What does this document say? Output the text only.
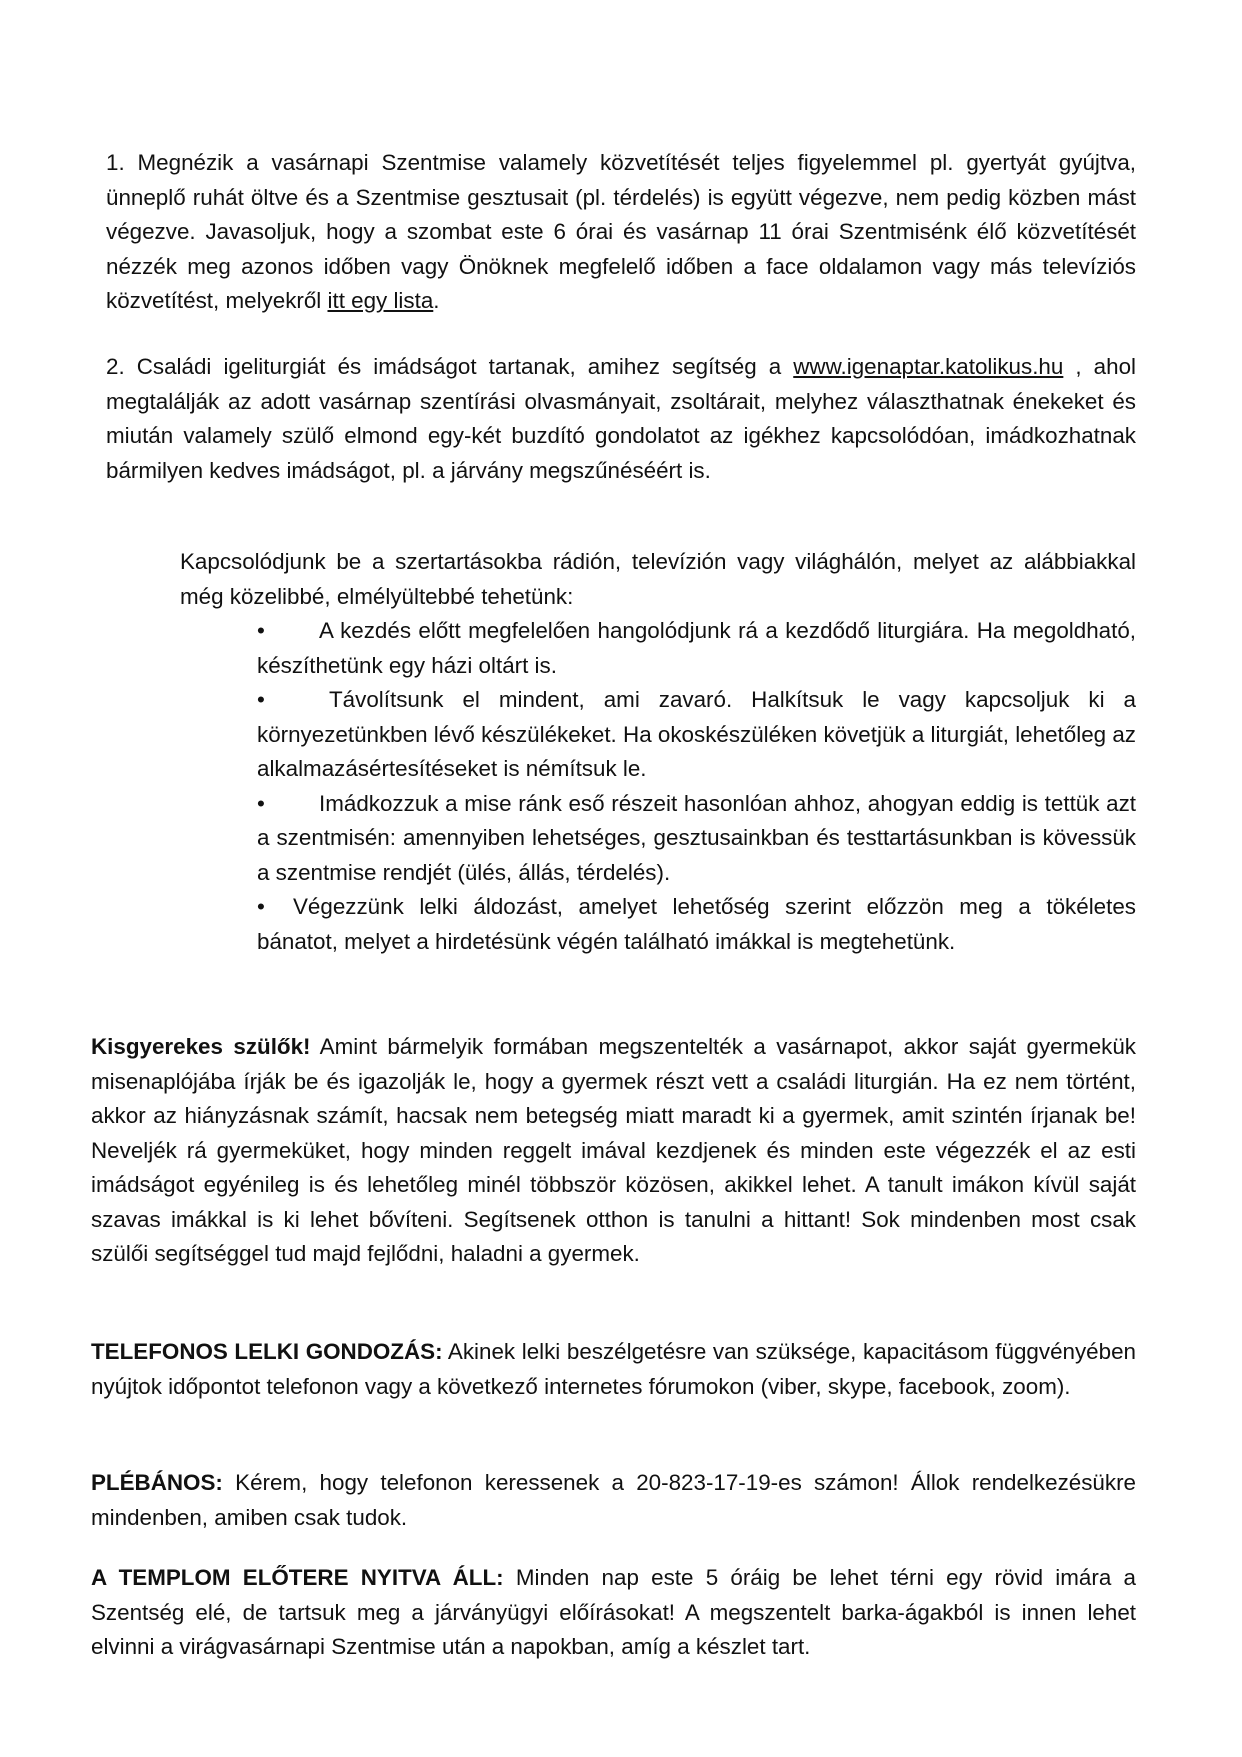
1. Megnézik a vasárnapi Szentmise valamely közvetítését teljes figyelemmel pl. gyertyát gyújtva, ünneplő ruhát öltve és a Szentmise gesztusait (pl. térdelés) is együtt végezve, nem pedig közben mást végezve. Javasoljuk, hogy a szombat este 6 órai és vasárnap 11 órai Szentmisénk élő közvetítését nézzék meg azonos időben vagy Önöknek megfelelő időben a face oldalamon vagy más televíziós közvetítést, melyekről itt egy lista.

2. Családi igeliturgiát és imádságot tartanak, amihez segítség a www.igenaptar.katolikus.hu , ahol megtalálják az adott vasárnap szentírási olvasmányait, zsoltárait, melyhez választhatnak énekeket és miután valamely szülő elmond egy-két buzdító gondolatot az igékhez kapcsolódóan, imádkozhatnak bármilyen kedves imádságot, pl. a járvány megszűnéséért is.

Kapcsolódjunk be a szertartásokba rádión, televízión vagy világhálón, melyet az alábbiakkal még közelibbé, elmélyültebbé tehetünk:

• A kezdés előtt megfelelően hangolódjunk rá a kezdődő liturgiára. Ha megoldható, készíthetünk egy házi oltárt is.
•	Távolítsunk el mindent, ami zavaró. Halkítsuk le vagy kapcsoljuk ki a környezetünkben lévő készülékeket. Ha okoskészüléken követjük a liturgiát, lehetőleg az alkalmazásértesítéseket is némítsuk le.
• Imádkozzuk a mise ránk eső részeit hasonlóan ahhoz, ahogyan eddig is tettük azt a szentmisén: amennyiben lehetséges, gesztusainkban és testtartásunkban is kövessük a szentmise rendjét (ülés, állás, térdelés).
• Végezzünk lelki áldozást, amelyet lehetőség szerint előzzön meg a tökéletes bánatot, melyet a hirdetésünk végén található imákkal is megtehetünk.

Kisgyerekes szülők! Amint bármelyik formában megszentelték a vasárnapot, akkor saját gyermekük misenaplójába írják be és igazolják le, hogy a gyermek részt vett a családi liturgián. Ha ez nem történt, akkor az hiányzásnak számít, hacsak nem betegség miatt maradt ki a gyermek, amit szintén írjanak be! Neveljék rá gyermeküket, hogy minden reggelt imával kezdjenek és minden este végezzék el az esti imádságot egyénileg is és lehetőleg minél többször közösen, akikkel lehet. A tanult imákon kívül saját szavas imákkal is ki lehet bővíteni. Segítsenek otthon is tanulni a hittant! Sok mindenben most csak szülői segítséggel tud majd fejlődni, haladni a gyermek.

TELEFONOS LELKI GONDOZÁS: Akinek lelki beszélgetésre van szüksége, kapacitásom függvényében nyújtok időpontot telefonon vagy a következő internetes fórumokon (viber, skype, facebook, zoom).

PLÉBÁNOS: Kérem, hogy telefonon keressenek a 20-823-17-19-es számon! Állok rendelkezésükre mindenben, amiben csak tudok.

A TEMPLOM ELŐTERE NYITVA ÁLL: Minden nap este 5 óráig be lehet térni egy rövid imára a Szentség elé, de tartsuk meg a járványügyi előírásokat! A megszentelt barka-ágakból is innen lehet elvinni a virágvasárnapi Szentmise után a napokban, amíg a készlet tart.
